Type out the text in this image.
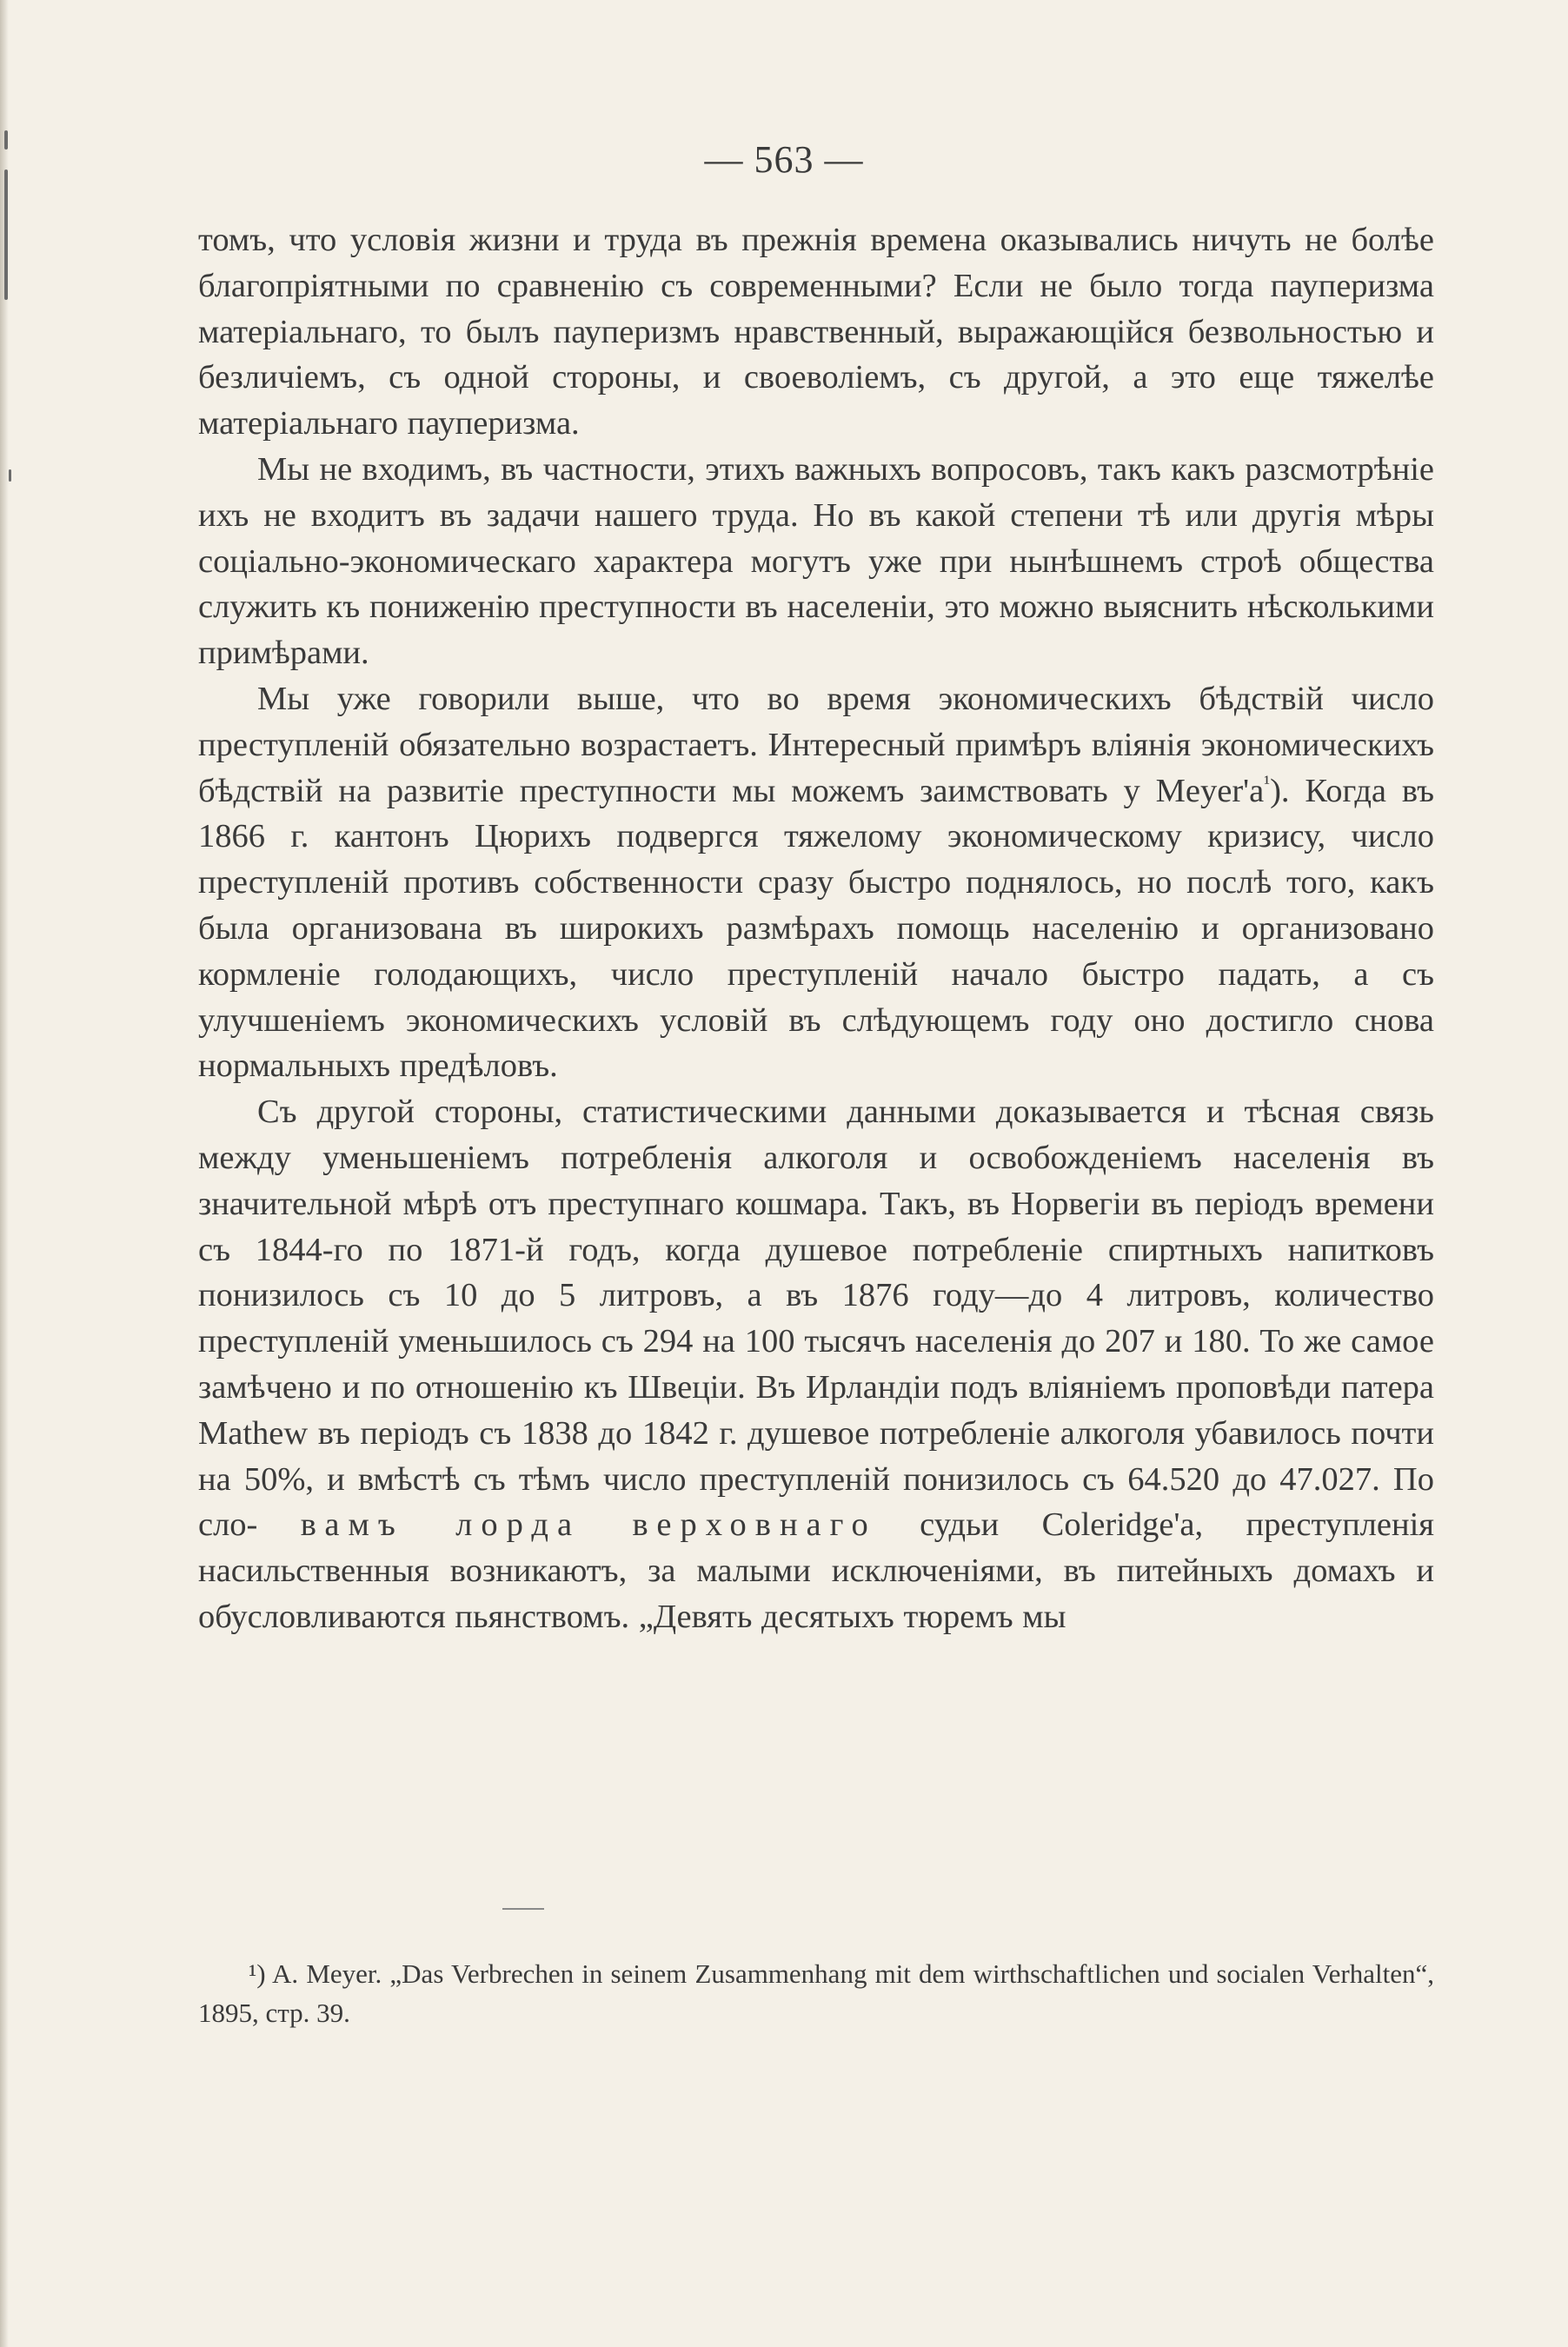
— 563 —

томъ, что условія жизни и труда въ прежнія времена оказывались ничуть не болѣе благопріятными по сравненію съ современными? Если не было тогда пауперизма матеріальнаго, то былъ пауперизмъ нравственный, выражающійся безвольностью и безличіемъ, съ одной стороны, и своеволіемъ, съ другой, а это еще тяжелѣе матеріальнаго пауперизма.

Мы не входимъ, въ частности, этихъ важныхъ вопросовъ, такъ какъ разсмотрѣніе ихъ не входитъ въ задачи нашего труда. Но въ какой степени тѣ или другія мѣры соціально-экономическаго характера могутъ уже при нынѣшнемъ строѣ общества служить къ пониженію преступности въ населеніи, это можно выяснить нѣсколькими примѣрами.

Мы уже говорили выше, что во время экономическихъ бѣдствій число преступленій обязательно возрастаетъ. Интересный примѣръ вліянія экономическихъ бѣдствій на развитіе преступности мы можемъ заимствовать у $Meyer'а^{^1}$). Когда въ 1866 г. кантонъ Цюрихъ подвергся тяжелому экономическому кризису, число преступленій противъ собственности сразу быстро поднялось, но послѣ того, какъ была организована въ широкихъ размѣрахъ помощь населенію и организовано кормленіе голодающихъ, число преступленій начало быстро падать, а съ улучшеніемъ экономическихъ условій въ слѣдующемъ году оно достигло снова нормальныхъ предѣловъ.

Съ другой стороны, статистическими данными доказывается и тѣсная связь между уменьшеніемъ потребленія алкоголя и освобожденіемъ населенія въ значительной мѣрѣ отъ преступнаго кошмара. Такъ, въ Норвегіи въ періодъ времени съ 1844-го по 1871-й годъ, когда душевое потребленіе спиртныхъ напитковъ понизилось съ 10 до 5 литровъ, а въ 1876 году—до 4 литровъ, количество преступленій уменьшилось съ 294 на 100 тысячъ населенія до 207 и 180. То же самое замѣчено и по отношенію къ Швеціи. Въ Ирландіи подъ вліяніемъ проповѣди патера Mathew въ періодъ съ 1838 до 1842 г. душевое потребленіе алкоголя убавилось почти на 50%, и вмѣстѣ съ тѣмъ число преступленій понизилось съ 64.520 до 47.027. По сло- вамъ лорда верховнаго судьи Coleridge'а, преступленія насильственныя возникаютъ, за малыми исключеніями, въ питейныхъ домахъ и обусловливаются пьянствомъ. „Девять десятыхъ тюремъ мы

¹) A. Meyer. „Das Verbrechen in seinem Zusammenhang mit dem wirthschaftlichen und socialen Verhalten“, 1895, стр. 39.
